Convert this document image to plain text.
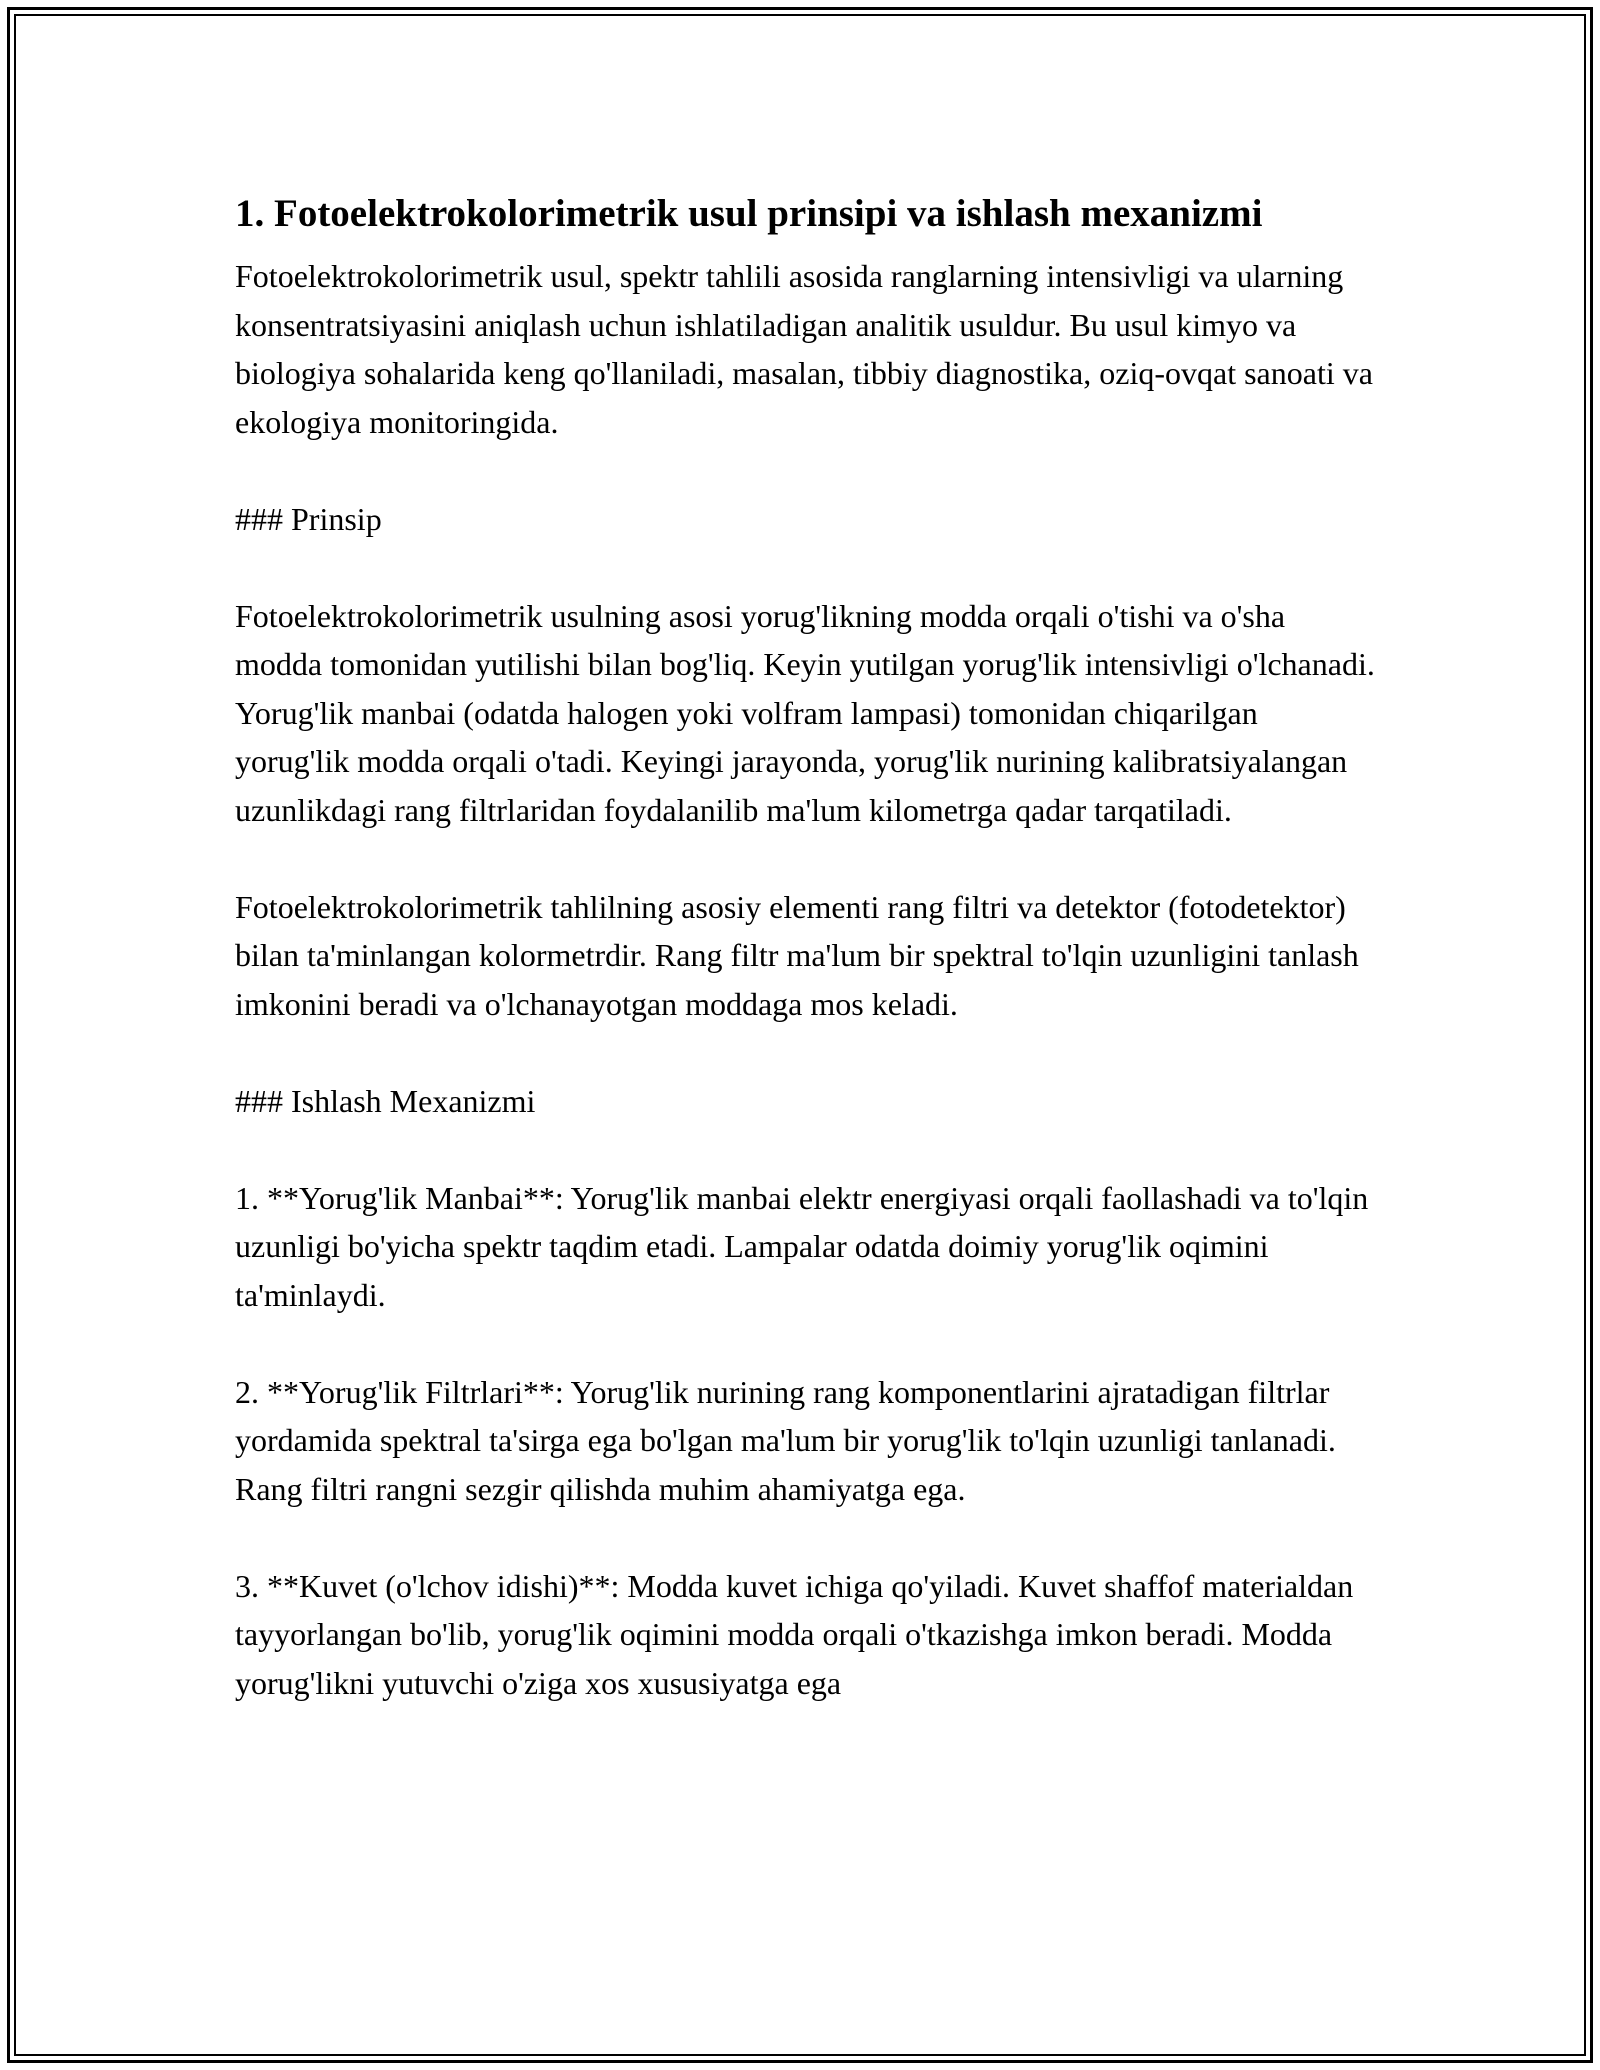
1. Fotoelektrokolorimetrik usul prinsipi va ishlash mexanizmi

Fotoelektrokolorimetrik usul, spektr tahlili asosida ranglarning intensivligi va ularning konsentratsiyasini aniqlash uchun ishlatiladigan analitik usuldur. Bu usul kimyo va biologiya sohalarida keng qo'llaniladi, masalan, tibbiy diagnostika, oziq-ovqat sanoati va ekologiya monitoringida.

### Prinsip

Fotoelektrokolorimetrik usulning asosi yorug'likning modda orqali o'tishi va o'sha modda tomonidan yutilishi bilan bog'liq. Keyin yutilgan yorug'lik intensivligi o'lchanadi. Yorug'lik manbai (odatda halogen yoki volfram lampasi) tomonidan chiqarilgan yorug'lik modda orqali o'tadi. Keyingi jarayonda, yorug'lik nurining kalibratsiyalangan uzunlikdagi rang filtrlaridan foydalanilib ma'lum kilometrga qadar tarqatiladi.

Fotoelektrokolorimetrik tahlilning asosiy elementi rang filtri va detektor (fotodetektor) bilan ta'minlangan kolormetrdir. Rang filtr ma'lum bir spektral to'lqin uzunligini tanlash imkonini beradi va o'lchanayotgan moddaga mos keladi.

### Ishlash Mexanizmi

1. **Yorug'lik Manbai**: Yorug'lik manbai elektr energiyasi orqali faollashadi va to'lqin uzunligi bo'yicha spektr taqdim etadi. Lampalar odatda doimiy yorug'lik oqimini ta'minlaydi.

2. **Yorug'lik Filtrlari**: Yorug'lik nurining rang komponentlarini ajratadigan filtrlar yordamida spektral ta'sirga ega bo'lgan ma'lum bir yorug'lik to'lqin uzunligi tanlanadi. Rang filtri rangni sezgir qilishda muhim ahamiyatga ega.

3. **Kuvet (o'lchov idishi)**: Modda kuvet ichiga qo'yiladi. Kuvet shaffof materialdan tayyorlangan bo'lib, yorug'lik oqimini modda orqali o'tkazishga imkon beradi. Modda yorug'likni yutuvchi o'ziga xos xususiyatga ega
